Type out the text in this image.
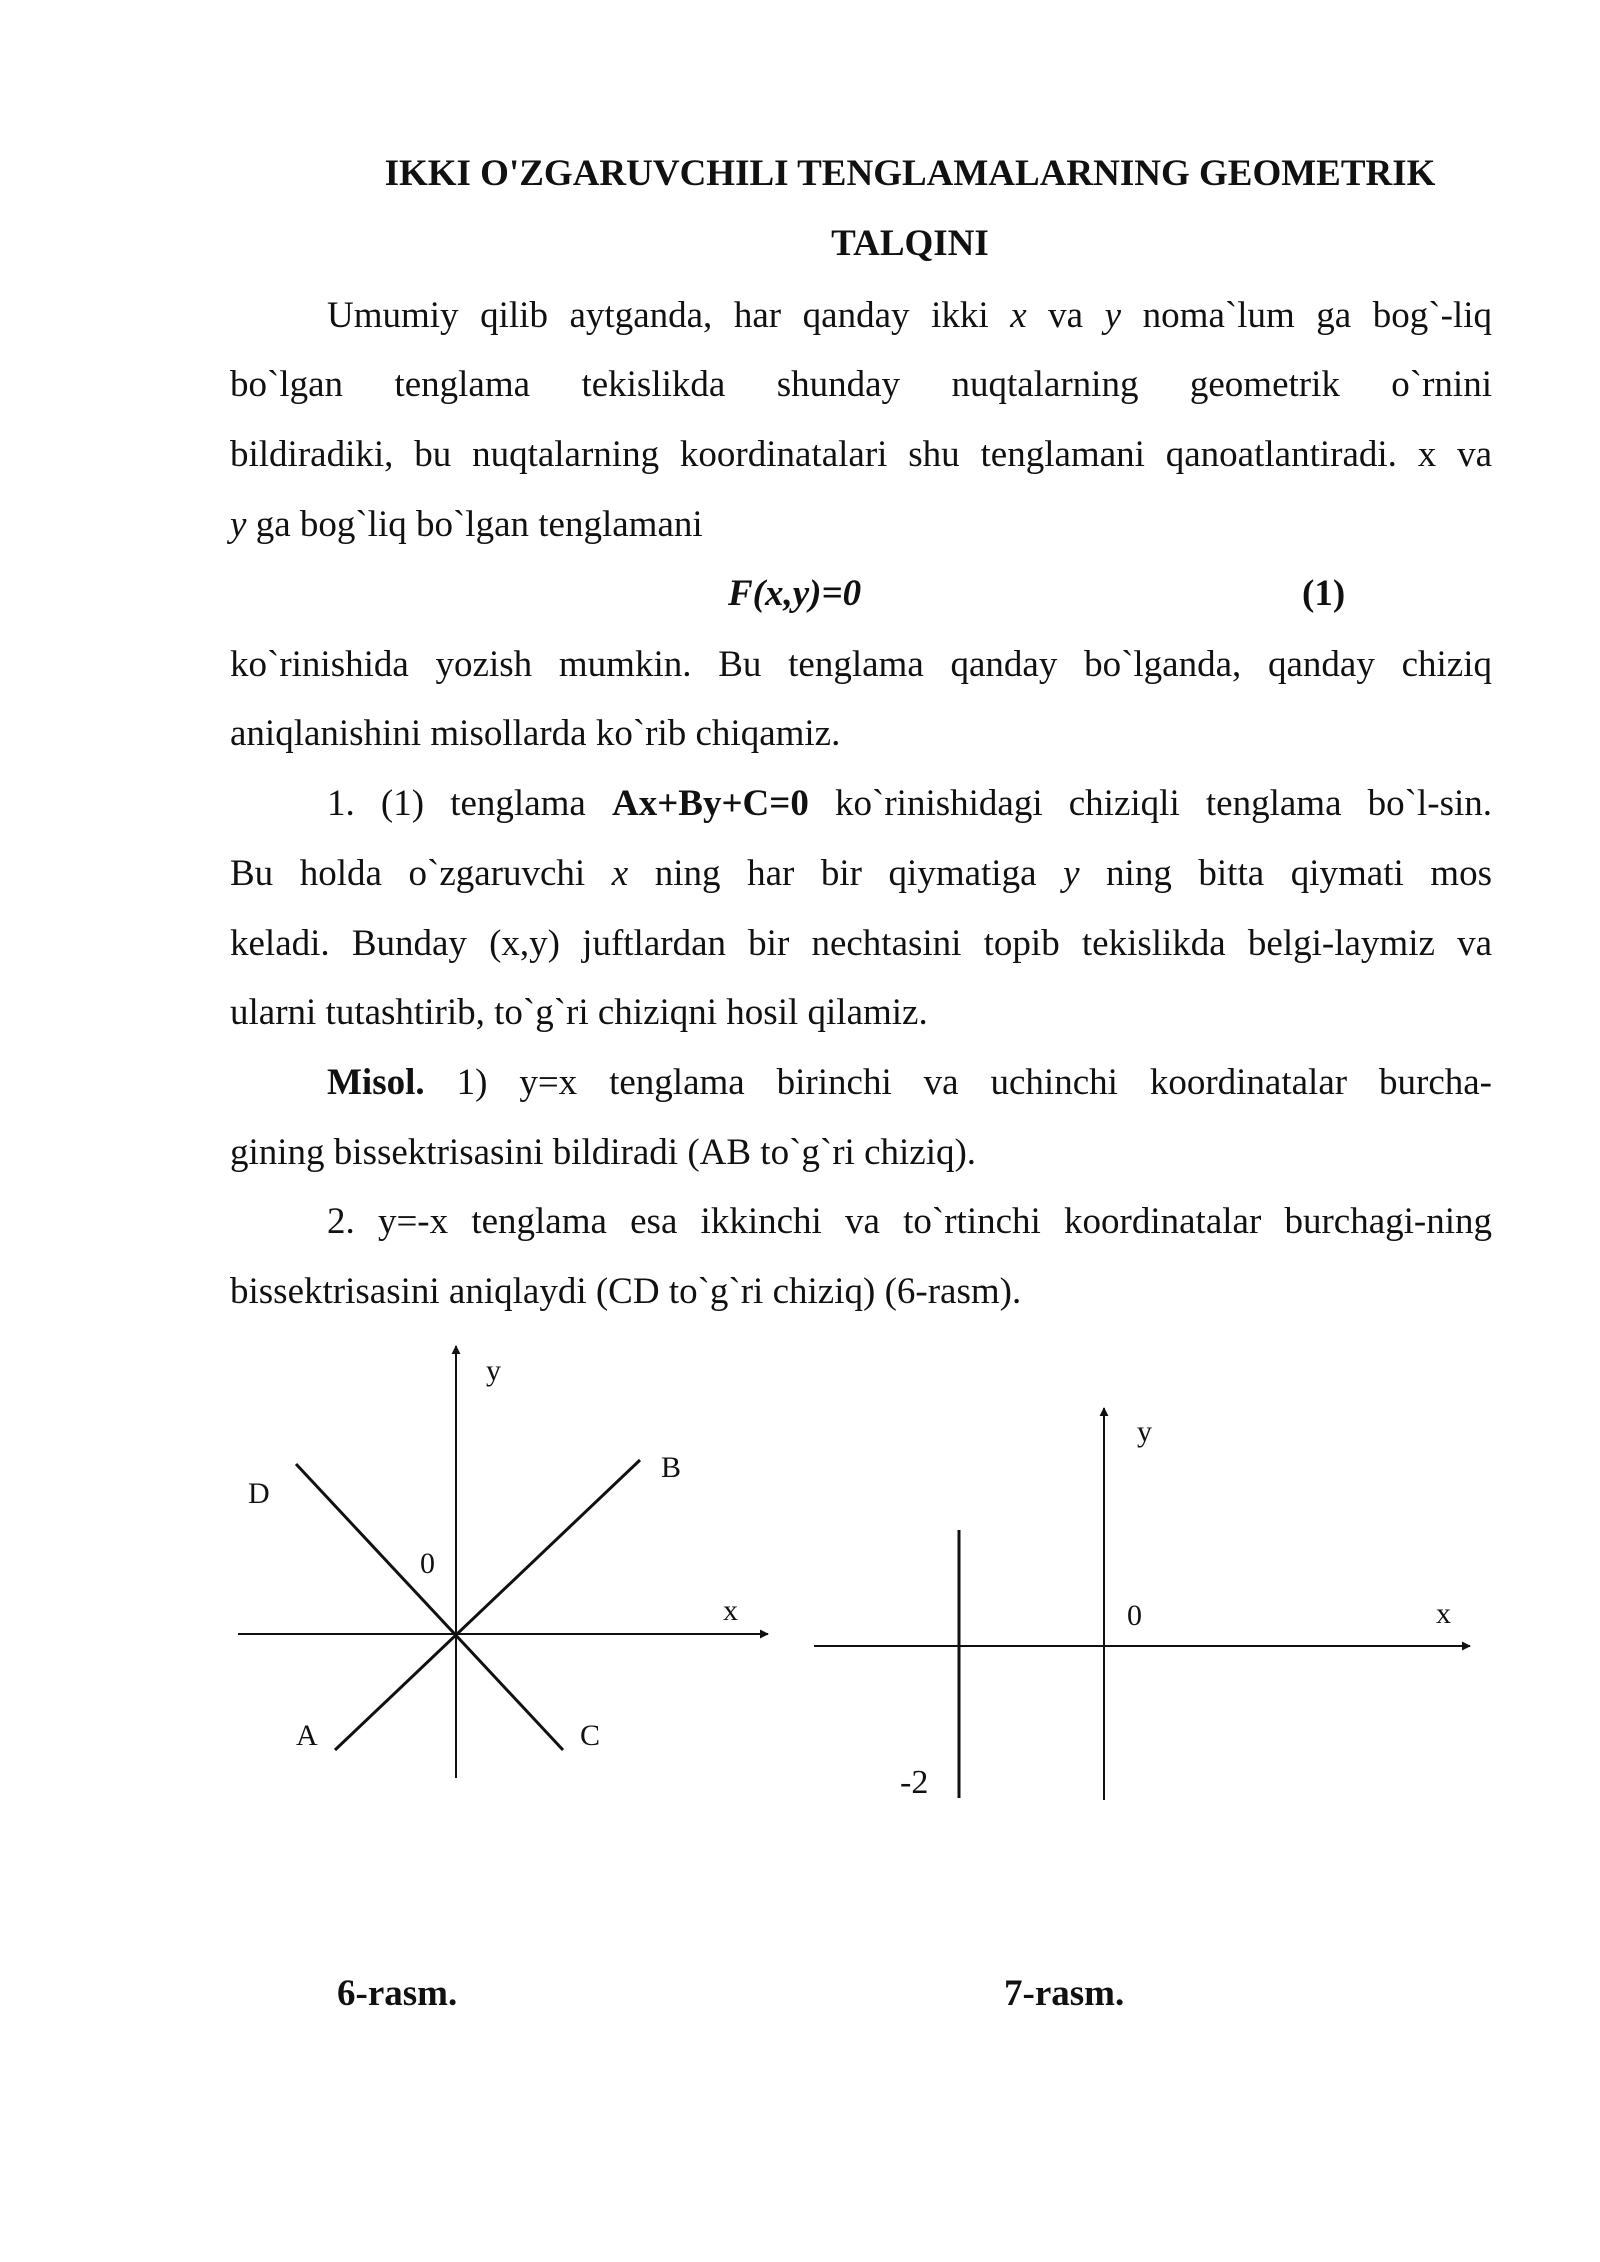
IKKI O'ZGARUVCHILI TENGLAMALARNING GEOMETRIK
TALQINI
Umumiy qilib aytganda, har qanday ikki x va y noma`lum ga bog`-liq
bo`lgan tenglama tekislikda shunday nuqtalarning geometrik o`rnini
bildiradiki, bu nuqtalarning koordinatalari shu tenglamani qanoatlantiradi. x va
y ga bog`liq bo`lgan tenglamani
F(x,y)=0	(1)
ko`rinishida yozish mumkin. Bu tenglama qanday bo`lganda, qanday chiziq
aniqlanishini misollarda ko`rib chiqamiz.
1. (1) tenglama Ax+By+C=0 ko`rinishidagi chiziqli tenglama bo`l-sin.
Bu holda o`zgaruvchi x ning har bir qiymatiga y ning bitta qiymati mos
keladi. Bunday (x,y) juftlardan bir nechtasini topib tekislikda belgi-laymiz va
ularni tutashtirib, to`g`ri chiziqni hosil qilamiz.
Misol. 1) y=x tenglama birinchi va uchinchi koordinatalar burcha-
gining bissektrisasini bildiradi (AB to`g`ri chiziq).
2. y=-x tenglama esa ikkinchi va to`rtinchi koordinatalar burchagi-ning
bissektrisasini aniqlaydi (CD to`g`ri chiziq) (6-rasm).
y
x
0
D
B
A	C
y
x
0
-2
6-rasm.	7-rasm.
